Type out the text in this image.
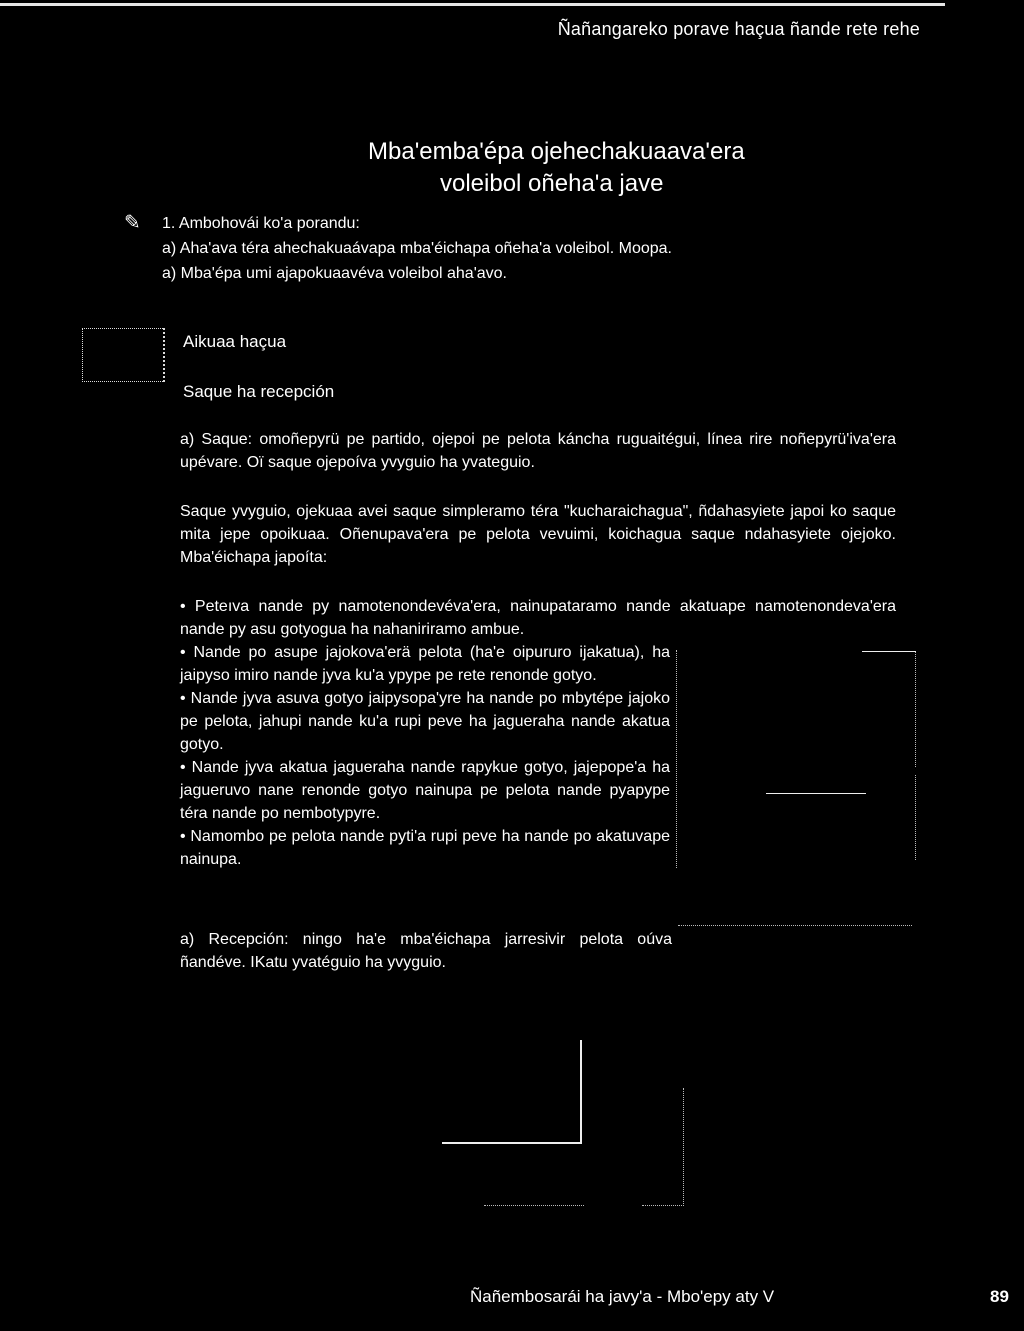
Ñañangareko porave haçua ñande rete rehe
Mba'emba'épa ojehechakuaava'era
voleibol oñeha'a jave
✎ 1. Ambohovái ko'a porandu:
a) Aha'ava téra ahechakuaávapa mba'éichapa oñeha'a voleibol. Moopa.
a) Mba'épa umi ajapokuaavéva voleibol aha'avo.
Aikuaa haçua
Saque ha recepción
a) Saque: omoñepyrü pe partido, ojepoi pe pelota káncha ruguaitégui, línea rire noñepyrü'iva'era upévare. Oï saque ojepoíva yvyguio ha yvateguio.
Saque yvyguio, ojekuaa avei saque simpleramo téra "kucharaichagua", ñdahasyiete japoi ko saque mita jepe opoikuaa. Oñenupava'era pe pelota vevuimi, koichagua saque ndahasyiete ojejoko. Mba'éichapa japoíta:
• Petеıva nande py namotenondevéva'era, nainupataramo nande akatuape namotenondeva'era nande py asu gotyogua ha nahaniriramo ambue.
• Nande po asupe jajokova'erä pelota (ha'e oipururo ijakatua), ha jaipyso imiro nande jyva ku'a ypype pe rete renonde gotyo.
• Nande jyva asuva gotyo jaipysopa'yre ha nande po mbytépe jajoko pe pelota, jahupi nande ku'a rupi peve ha jagueraha nande akatua gotyo.
• Nande jyva akatua jagueraha nande rapykue gotyo, jajepope'a ha jagueruvo nane renonde gotyo nainupa pe pelota nande pyapype téra nande po nembotypyre.
• Namombo pe pelota nande pyti'a rupi peve ha nande po akatuvape nainupa.
a) Recepción: ningo ha'e mba'éichapa jarresivir pelota oúva ñandéve. IKatu yvatéguio ha yvyguio.
Ñañembosarái ha javy'a - Mbo'epy aty V	89
